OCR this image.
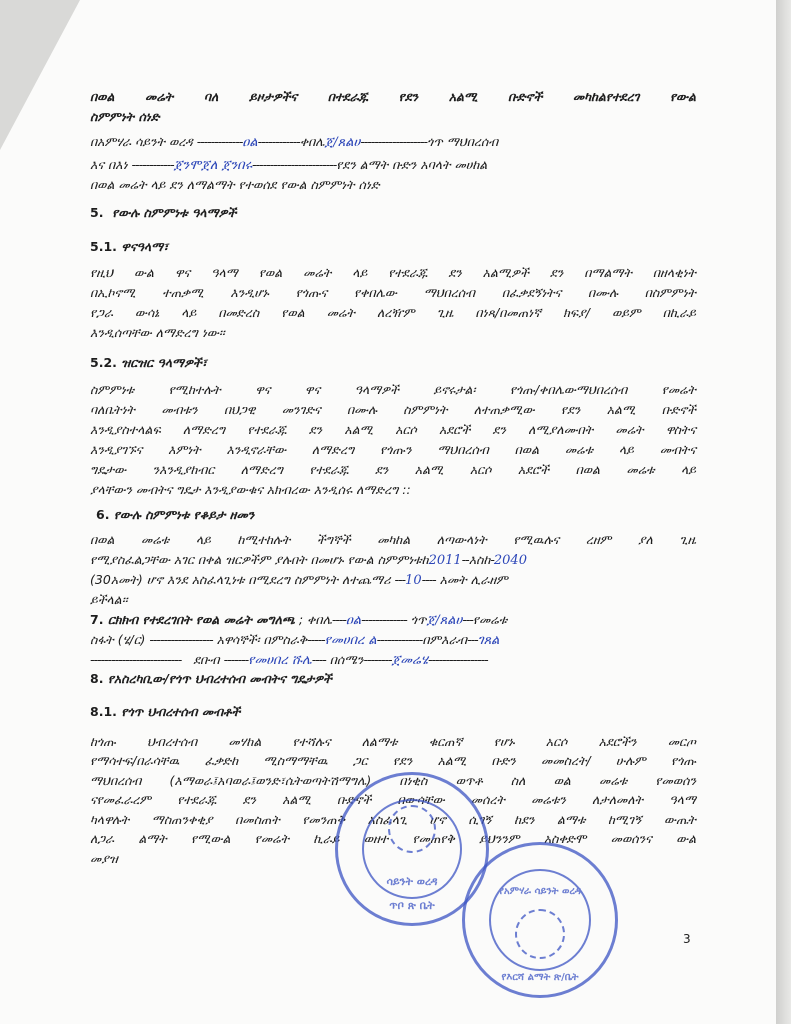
በወል መሬት ባለ ይዞታዎችና በተደራጁ የደን አልሚ ቡድኖች መካከልየተደረገ የውል
ስምምነት ሰነድ
በአምሃራ ሳይንት ወረዳ -------------ዐል------------ቀበሌጀ/ጸልሀ-------------------ጎጥ ማህበረሰብ
እና በእነ ------------ጀንሞጀለ ጀንበሩ------------------------የደን ልማት ቡድን አባላት መሀከል
በወል መሬት ላይ ደን ለማልማት የተወሰደ የውል ስምምነት ሰነድ
5. የውሉ ስምምነቱ ዓላማዎች
5.1. ዋናዓላማ፣
የዚህ ውል ዋና ዓላማ የወል መሬት ላይ የተደራጁ ደን አልሚዎች ደን በማልማት በዘላቂነት
በኢኮኖሚ ተጠቃሚ እንዲሆኑ የጎጡና የቀበሌው ማህበረሰብ በፈቃደኝነትና በሙሉ በስምምነት
የጋራ ውሳኔ ላይ በመድረስ የወል መሬት ለረዥም ጊዜ በነጻ/በመጠነኛ ክፍያ/ ወይም በኪራይ
እንዲሰጣቸው ለማድረግ ነው፡፡
5.2. ዝርዝር ዓላማዎች፣
ስምምነቱ የሚከተሉት ዋና ዋና ዓላማዎች ይኖሩታል፡ የጎጡ/ቀበሌውማህበረሰብ የመሬት
ባለቤትነት መብቱን በህጋዊ መንገድና በሙሉ ስምምነት ለተጠቃሚው የደን አልሚ ቡድኖች
እንዲያስተላልፍ ለማድረግ የተደራጁ ደን አልሚ አርሶ አደሮች ደን ለሚያለሙበት መሬት ዋስትና
እንዲያገኙና እምነት እንዲኖራቸው ለማድረግ የጎጡን ማህበረሰብ በወል መሬቱ ላይ መብትና
ግዴታው ንእንዲያከብር ለማድረግ የተደራጁ ደን አልሚ አርሶ አደሮች በወል መሬቱ ላይ
ያላቸውን መብትና ግዴታ እንዲያውቁና አክብረው እንዲሰሩ ለማድረግ ::
6. የውሉ ስምምነቱ የቆይታ ዘመን
በወል መሬቱ ላይ ከሚተከሉት ችግኞች መካከል ለጣውላነት የሚዉሉና ረዘም ያለ ጊዜ
የሚያስፈልጋቸው አገር በቀል ዝርዎችም ያሉበት በመሆኑ የውል ስምምነቱከ2011--እስከ-2040
(30አመት) ሆኖ እንደ አስፈላጊነቱ በሚደረግ ስምምነት ለተጨማሪ ---10---- አመት ሊራዘም
ይችላል፡፡
7. ርክክብ የተደረገበት የወል መሬት መግለጫ ; ቀበሌ----ዐል------------- ጎጥጀ/ጸልሀ---የመሬቱ
ስፋት (ሄ/ር) ------------------ አዋሳኞች፡ በምስራቅ-----የመሀበረ ል-------------በምእራብ---ገጸል
-------------------------- ደቡብ -------የመሀበረ ሹሌ---- በሰሜን--------ጀመሬሄ-----------------
8. የአስረካቢው/የጎጥ ህብረተሰብ መብትና ግዴታዎች
8.1. የጎጥ ህብረተሰብ መብቶች
ከጎጡ ህብረተሰብ መሃከል የተሻሉና ለልማቱ ቁርጠኛ የሆኑ አርሶ አደሮችን መርጦ
የማሳተፍ/በራሳቸዉ ፈቃድከ ሚስማማቸዉ ጋር የደን አልሚ ቡድን መመስረት/ ሁሉም የጎጡ
ማህበረሰብ (እማወራ፤አባወራ፤ወንድ፣ሴትወጣትሽማግሌ) በነቂስ ወጥቶ ስለ ወል መሬቱ የመወሰን
ናየመፈራረም የተደራጁ ደን አልሚ ቡድኖች በውሳቸው መሰረት መሬቱን ለታለመለት ዓላማ
ካላዋሉት ማስጠንቀቂያ በመስጠት የመንጠቅ አስፈላጊ ሆኖ ሲገኝ ከደን ልማቱ ከሚገኝ ውጤት
ለጋራ ልማት የሚውል የመሬት ኪራይ ወዘተ የመጠየቅ ይህንንም አስቀድሞ መወሰንና ውል
መያዝ
ሳይንት ወረዳ
ጥቦ ጽ ቤት
የአምሃራ ሳይንት ወረዳ
የእርሻ ልማት ጽ/ቤት
3
